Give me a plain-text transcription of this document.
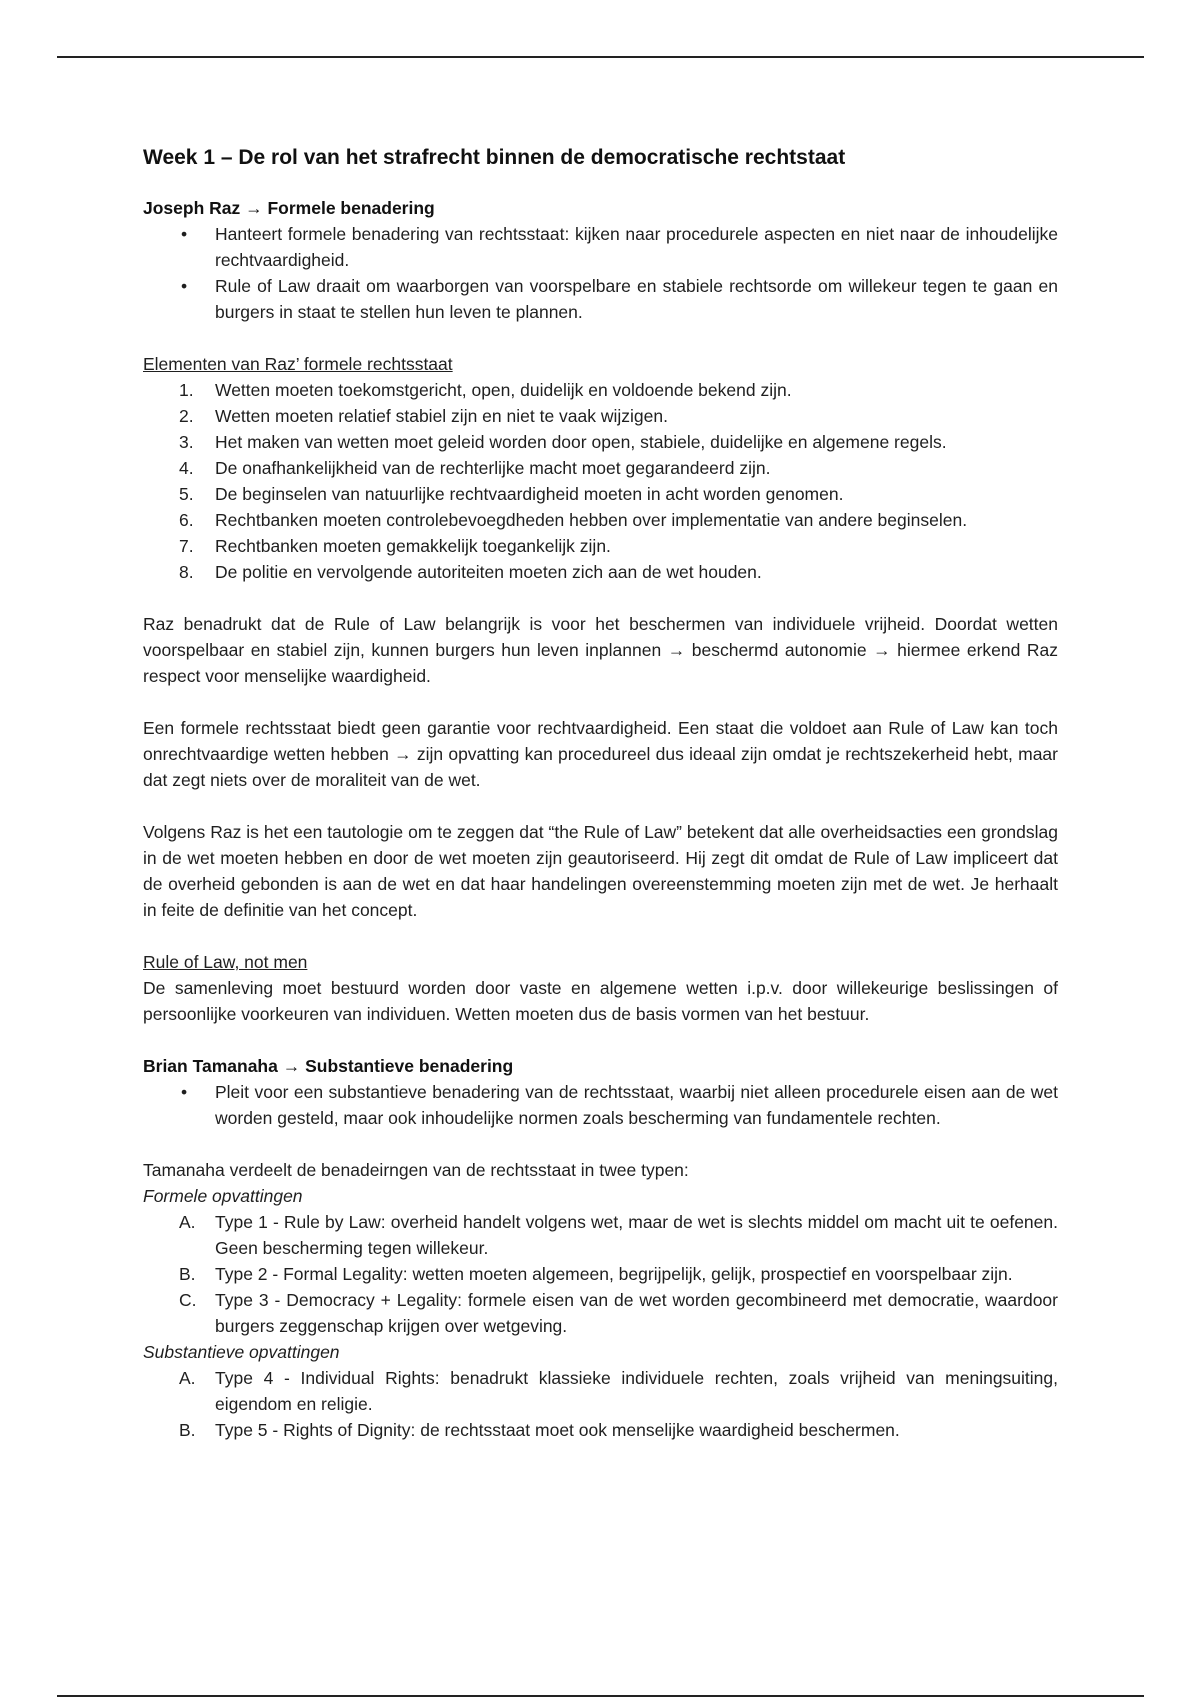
Week 1 – De rol van het strafrecht binnen de democratische rechtstaat

Joseph Raz → Formele benadering

•	Hanteert formele benadering van rechtsstaat: kijken naar procedurele aspecten en niet naar de inhoudelijke rechtvaardigheid.
•	Rule of Law draait om waarborgen van voorspelbare en stabiele rechtsorde om willekeur tegen te gaan en burgers in staat te stellen hun leven te plannen.

Elementen van Raz’ formele rechtsstaat

1.	Wetten moeten toekomstgericht, open, duidelijk en voldoende bekend zijn.
2.	Wetten moeten relatief stabiel zijn en niet te vaak wijzigen.
3.	Het maken van wetten moet geleid worden door open, stabiele, duidelijke en algemene regels.
4.	De onafhankelijkheid van de rechterlijke macht moet gegarandeerd zijn.
5.	De beginselen van natuurlijke rechtvaardigheid moeten in acht worden genomen.
6.	Rechtbanken moeten controlebevoegdheden hebben over implementatie van andere beginselen.
7.	Rechtbanken moeten gemakkelijk toegankelijk zijn.
8.	De politie en vervolgende autoriteiten moeten zich aan de wet houden.

Raz benadrukt dat de Rule of Law belangrijk is voor het beschermen van individuele vrijheid. Doordat wetten voorspelbaar en stabiel zijn, kunnen burgers hun leven inplannen → beschermd autonomie → hiermee erkend Raz respect voor menselijke waardigheid.

Een formele rechtsstaat biedt geen garantie voor rechtvaardigheid. Een staat die voldoet aan Rule of Law kan toch onrechtvaardige wetten hebben → zijn opvatting kan procedureel dus ideaal zijn omdat je rechtszekerheid hebt, maar dat zegt niets over de moraliteit van de wet.

Volgens Raz is het een tautologie om te zeggen dat “the Rule of Law” betekent dat alle overheidsacties een grondslag in de wet moeten hebben en door de wet moeten zijn geautoriseerd. Hij zegt dit omdat de Rule of Law impliceert dat de overheid gebonden is aan de wet en dat haar handelingen overeenstemming moeten zijn met de wet. Je herhaalt in feite de definitie van het concept.

Rule of Law, not men

De samenleving moet bestuurd worden door vaste en algemene wetten i.p.v. door willekeurige beslissingen of persoonlijke voorkeuren van individuen. Wetten moeten dus de basis vormen van het bestuur.

Brian Tamanaha → Substantieve benadering

•	Pleit voor een substantieve benadering van de rechtsstaat, waarbij niet alleen procedurele eisen aan de wet worden gesteld, maar ook inhoudelijke normen zoals bescherming van fundamentele rechten.

Tamanaha verdeelt de benadeirngen van de rechtsstaat in twee typen:

Formele opvattingen

A.	Type 1 - Rule by Law: overheid handelt volgens wet, maar de wet is slechts middel om macht uit te oefenen. Geen bescherming tegen willekeur.
B.	Type 2 - Formal Legality: wetten moeten algemeen, begrijpelijk, gelijk, prospectief en voorspelbaar zijn.
C.	Type 3 - Democracy + Legality: formele eisen van de wet worden gecombineerd met democratie, waardoor burgers zeggenschap krijgen over wetgeving.

Substantieve opvattingen

A.	Type 4 - Individual Rights: benadrukt klassieke individuele rechten, zoals vrijheid van meningsuiting, eigendom en religie.
B.	Type 5 - Rights of Dignity: de rechtsstaat moet ook menselijke waardigheid beschermen.
